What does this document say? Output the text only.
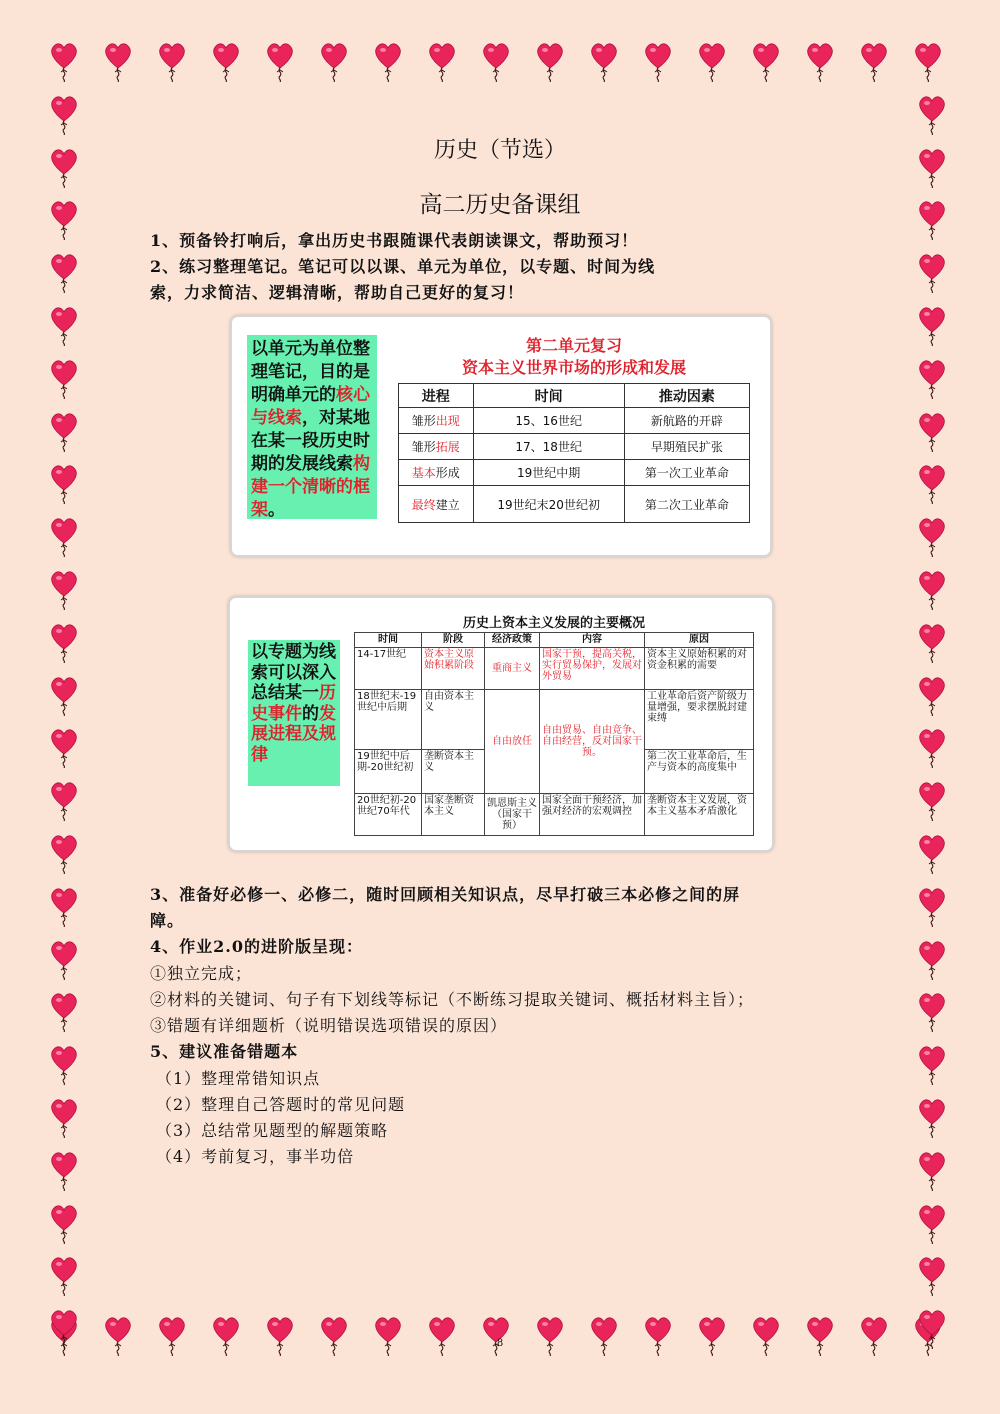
历史（节选）
高二历史备课组
1、预备铃打响后，拿出历史书跟随课代表朗读课文，帮助预习！
2、练习整理笔记。笔记可以以课、单元为单位，以专题、时间为线
索，力求简洁、逻辑清晰，帮助自己更好的复习！
以单元为单位整理笔记，目的是明确单元的核心与线索，对某地在某一段历史时期的发展线索构建一个清晰的框架。
第二单元复习
资本主义世界市场的形成和发展
进程	时间	推动因素
雏形出现	15、16世纪	新航路的开辟
雏形拓展	17、18世纪	早期殖民扩张
基本形成	19世纪中期	第一次工业革命
最终建立	19世纪末20世纪初	第二次工业革命
以专题为线索可以深入总结某一历史事件的发展进程及规律
历史上资本主义发展的主要概况
时间	阶段	经济政策	内容	原因
14-17世纪	资本主义原始积累阶段	重商主义	国家干预，提高关税，实行贸易保护，发展对外贸易	资本主义原始积累的对资金积累的需要
18世纪末-19世纪中后期	自由资本主义	自由放任	自由贸易、自由竞争、自由经营，反对国家干预。	工业革命后资产阶级力量增强，要求摆脱封建束缚
19世纪中后期-20世纪初	垄断资本主义			第二次工业革命后，生产与资本的高度集中
20世纪初-20世纪70年代	国家垄断资本主义	凯恩斯主义（国家干预）	国家全面干预经济，加强对经济的宏观调控	垄断资本主义发展，资本主义基本矛盾激化
3、准备好必修一、必修二，随时回顾相关知识点，尽早打破三本必修之间的屏
障。
4、作业2.0的进阶版呈现：
①独立完成；
②材料的关键词、句子有下划线等标记（不断练习提取关键词、概括材料主旨）；
③错题有详细题析（说明错误选项错误的原因）
5、建议准备错题本
（1）整理常错知识点
（2）整理自己答题时的常见问题
（3）总结常见题型的解题策略
（4）考前复习，事半功倍
8
